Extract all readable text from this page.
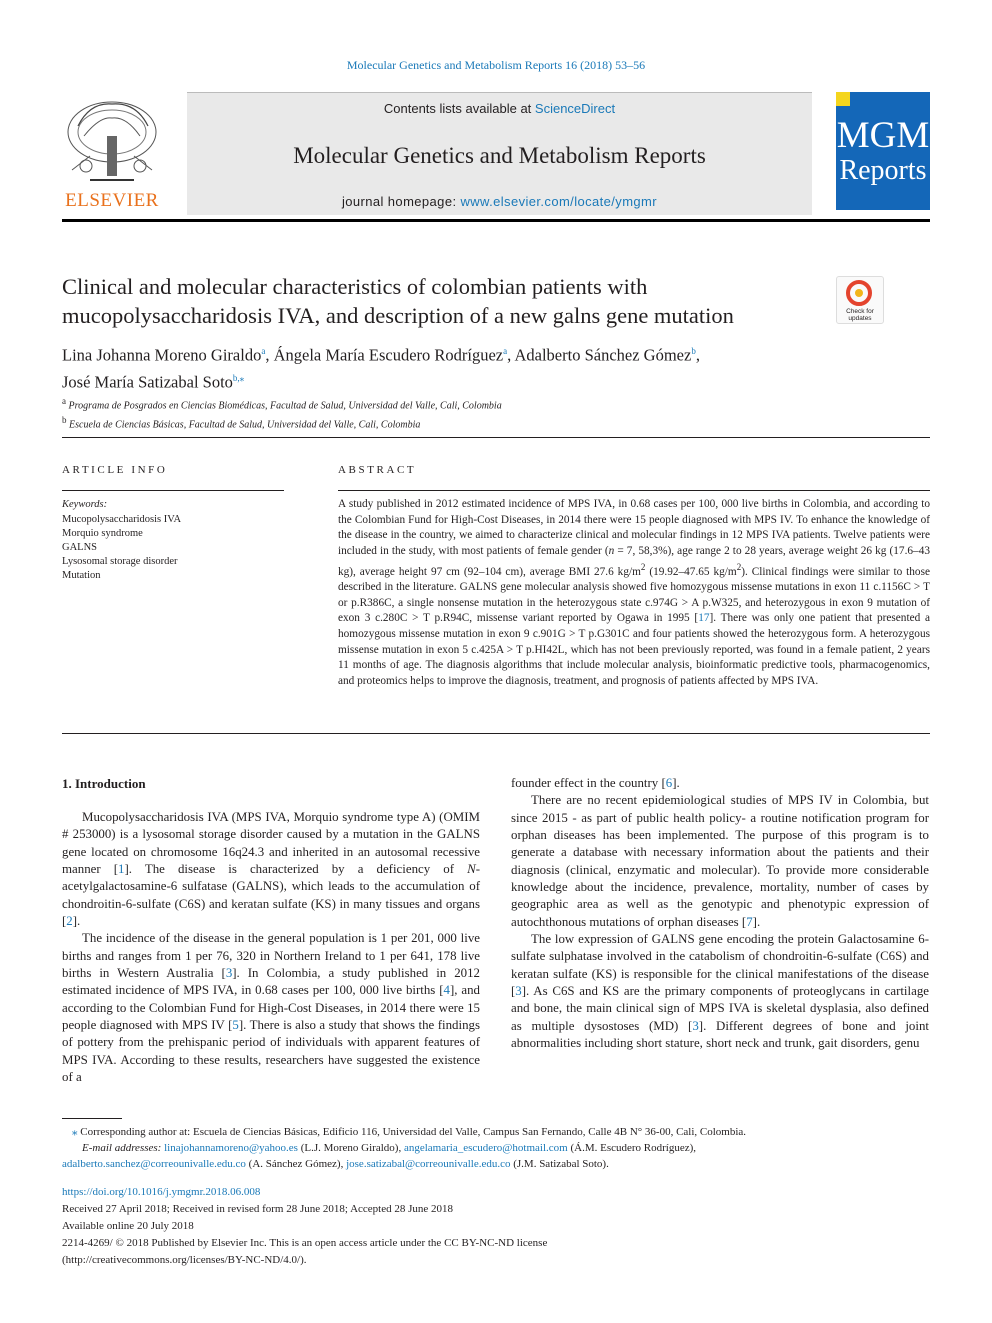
Molecular Genetics and Metabolism Reports 16 (2018) 53–56
ELSEVIER
Contents lists available at ScienceDirect
Molecular Genetics and Metabolism Reports
journal homepage: www.elsevier.com/locate/ymgmr
MGM
Reports
Clinical and molecular characteristics of colombian patients with mucopolysaccharidosis IVA, and description of a new galns gene mutation	Check for updates
Lina Johanna Moreno Giraldo$^a$, Ángela María Escudero Rodríguez$^a$, Adalberto Sánchez Gómez$^b$,
José María Satizabal Soto$^{b,⁎}$
$^a$ Programa de Posgrados en Ciencias Biomédicas, Facultad de Salud, Universidad del Valle, Cali, Colombia
$^b$ Escuela de Ciencias Básicas, Facultad de Salud, Universidad del Valle, Cali, Colombia
ARTICLE INFO
Keywords:
Mucopolysaccharidosis IVA
Morquio syndrome
GALNS
Lysosomal storage disorder
Mutation
ABSTRACT
A study published in 2012 estimated incidence of MPS IVA, in 0.68 cases per 100, 000 live births in Colombia, and according to the Colombian Fund for High-Cost Diseases, in 2014 there were 15 people diagnosed with MPS IV. To enhance the knowledge of the disease in the country, we aimed to characterize clinical and molecular findings in 12 MPS IVA patients. Twelve patients were included in the study, with most patients of female gender (n = 7, 58,3%), age range 2 to 28 years, average weight 26 kg (17.6–43 kg), average height 97 cm (92–104 cm), average BMI 27.6 $kg/m^2$ (19.92–47.65 $kg/m^2$). Clinical findings were similar to those described in the literature. GALNS gene molecular analysis showed five homozygous missense mutations in exon 11 c.1156C > T or p.R386C, a single nonsense mutation in the heterozygous state c.974G > A p.W325, and heterozygous in exon 9 mutation of exon 3 c.280C > T p.R94C, missense variant reported by Ogawa in 1995 [17]. There was only one patient that presented a homozygous missense mutation in exon 9 c.901G > T p.G301C and four patients showed the heterozygous form. A heterozygous missense mutation in exon 5 c.425A > T p.HI42L, which has not been previously reported, was found in a female patient, 2 years 11 months of age. The diagnosis algorithms that include molecular analysis, bioinformatic predictive tools, pharmacogenomics, and proteomics helps to improve the diagnosis, treatment, and prognosis of patients affected by MPS IVA.
1. Introduction

Mucopolysaccharidosis IVA (MPS IVA, Morquio syndrome type A) (OMIM # 253000) is a lysosomal storage disorder caused by a mutation in the GALNS gene located on chromosome 16q24.3 and inherited in an autosomal recessive manner [1]. The disease is characterized by a deficiency of N-acetylgalactosamine-6 sulfatase (GALNS), which leads to the accumulation of chondroitin-6-sulfate (C6S) and keratan sulfate (KS) in many tissues and organs [2].

The incidence of the disease in the general population is 1 per 201, 000 live births and ranges from 1 per 76, 320 in Northern Ireland to 1 per 641, 178 live births in Western Australia [3]. In Colombia, a study published in 2012 estimated incidence of MPS IVA, in 0.68 cases per 100, 000 live births [4], and according to the Colombian Fund for High-Cost Diseases, in 2014 there were 15 people diagnosed with MPS IV [5]. There is also a study that shows the findings of pottery from the prehispanic period of individuals with apparent features of MPS IVA. According to these results, researchers have suggested the existence of a

founder effect in the country [6].

There are no recent epidemiological studies of MPS IV in Colombia, but since 2015 - as part of public health policy- a routine notification program for orphan diseases has been implemented. The purpose of this program is to generate a database with necessary information about the patients and their diagnosis (clinical, enzymatic and molecular). To provide more considerable knowledge about the incidence, prevalence, mortality, number of cases by geographic area as well as the genotypic and phenotypic expression of autochthonous mutations of orphan diseases [7].

The low expression of GALNS gene encoding the protein Galactosamine 6-sulfate sulphatase involved in the catabolism of chondroitin-6-sulfate (C6S) and keratan sulfate (KS) is responsible for the clinical manifestations of the disease [3]. As C6S and KS are the primary components of proteoglycans in cartilage and bone, the main clinical sign of MPS IVA is skeletal dysplasia, also defined as multiple dysostoses (MD) [3]. Different degrees of bone and joint abnormalities including short stature, short neck and trunk, gait disorders, genu

⁎ Corresponding author at: Escuela de Ciencias Básicas, Edificio 116, Universidad del Valle, Campus San Fernando, Calle 4B N° 36-00, Cali, Colombia.
E-mail addresses: linajohannamoreno@yahoo.es (L.J. Moreno Giraldo), angelamaria_escudero@hotmail.com (Á.M. Escudero Rodríguez),
adalberto.sanchez@correounivalle.edu.co (A. Sánchez Gómez), jose.satizabal@correounivalle.edu.co (J.M. Satizabal Soto).
https://doi.org/10.1016/j.ymgmr.2018.06.008
Received 27 April 2018; Received in revised form 28 June 2018; Accepted 28 June 2018
Available online 20 July 2018
2214-4269/ © 2018 Published by Elsevier Inc. This is an open access article under the CC BY-NC-ND license
(http://creativecommons.org/licenses/BY-NC-ND/4.0/).
